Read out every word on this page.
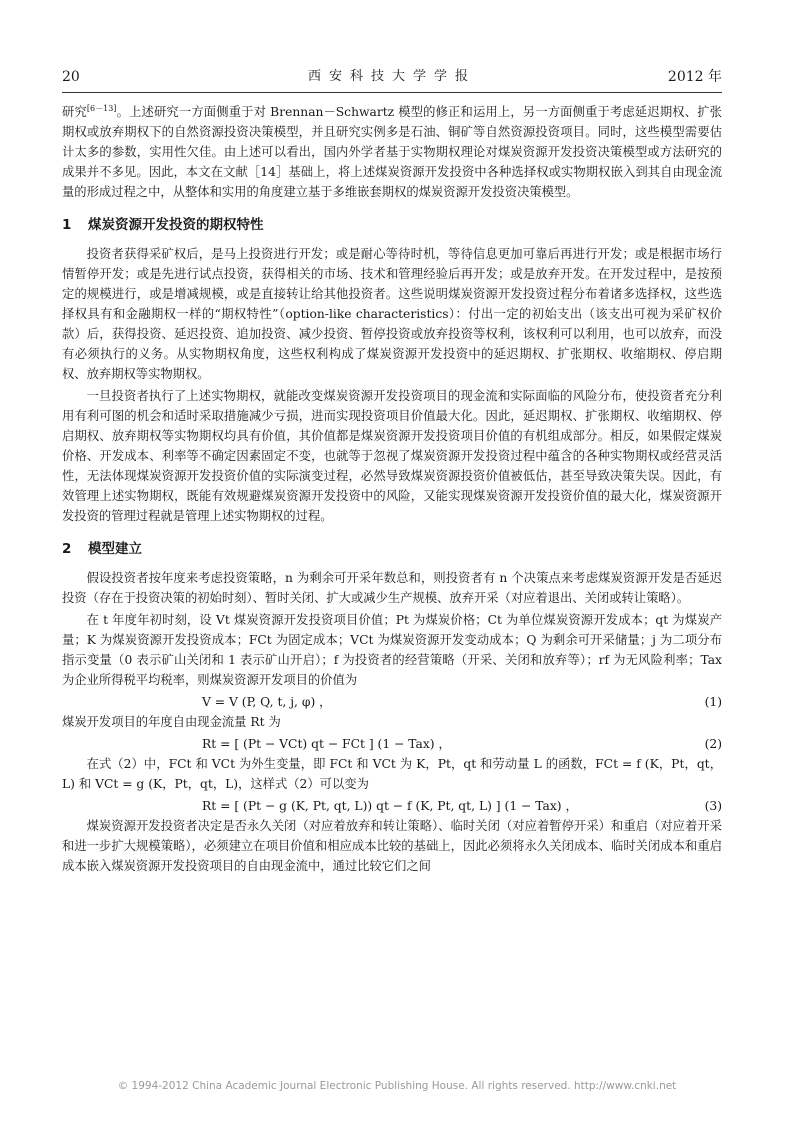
西安科技大学学报
20	2012 年

研究[6－13]。上述研究一方面侧重于对 Brennan－Schwartz 模型的修正和运用上，另一方面侧重于考虑延迟期权、扩张期权或放弃期权下的自然资源投资决策模型，并且研究实例多是石油、铜矿等自然资源投资项目。同时，这些模型需要估计太多的参数，实用性欠佳。由上述可以看出，国内外学者基于实物期权理论对煤炭资源开发投资决策模型或方法研究的成果并不多见。因此，本文在文献［14］基础上，将上述煤炭资源开发投资中各种选择权或实物期权嵌入到其自由现金流量的形成过程之中，从整体和实用的角度建立基于多维嵌套期权的煤炭资源开发投资决策模型。

1 煤炭资源开发投资的期权特性

投资者获得采矿权后，是马上投资进行开发；或是耐心等待时机，等待信息更加可靠后再进行开发；或是根据市场行情暂停开发；或是先进行试点投资，获得相关的市场、技术和管理经验后再开发；或是放弃开发。在开发过程中，是按预定的规模进行，或是增减规模，或是直接转让给其他投资者。这些说明煤炭资源开发投资过程分布着诸多选择权，这些选择权具有和金融期权一样的“期权特性”（option-like characteristics）：付出一定的初始支出（该支出可视为采矿权价款）后，获得投资、延迟投资、追加投资、减少投资、暂停投资或放弃投资等权利，该权利可以利用，也可以放弃，而没有必须执行的义务。从实物期权角度，这些权利构成了煤炭资源开发投资中的延迟期权、扩张期权、收缩期权、停启期权、放弃期权等实物期权。

一旦投资者执行了上述实物期权，就能改变煤炭资源开发投资项目的现金流和实际面临的风险分布，使投资者充分利用有利可图的机会和适时采取措施减少亏损，进而实现投资项目价值最大化。因此，延迟期权、扩张期权、收缩期权、停启期权、放弃期权等实物期权均具有价值，其价值都是煤炭资源开发投资项目价值的有机组成部分。相反，如果假定煤炭价格、开发成本、利率等不确定因素固定不变，也就等于忽视了煤炭资源开发投资过程中蕴含的各种实物期权或经营灵活性，无法体现煤炭资源开发投资价值的实际演变过程，必然导致煤炭资源投资价值被低估，甚至导致决策失误。因此，有效管理上述实物期权，既能有效规避煤炭资源开发投资中的风险，又能实现煤炭资源开发投资价值的最大化，煤炭资源开发投资的管理过程就是管理上述实物期权的过程。

2 模型建立

假设投资者按年度来考虑投资策略，n 为剩余可开采年数总和，则投资者有 n 个决策点来考虑煤炭资源开发是否延迟投资（存在于投资决策的初始时刻）、暂时关闭、扩大或减少生产规模、放弃开采（对应着退出、关闭或转让策略）。

在 t 年度年初时刻，设 Vt 煤炭资源开发投资项目价值；Pt 为煤炭价格；Ct 为单位煤炭资源开发成本；qt 为煤炭产量；K 为煤炭资源开发投资成本；FCt 为固定成本；VCt 为煤炭资源开发变动成本；Q 为剩余可开采储量；j 为二项分布指示变量（0 表示矿山关闭和 1 表示矿山开启）；f 为投资者的经营策略（开采、关闭和放弃等）；rf 为无风险利率；Tax 为企业所得税平均税率，则煤炭资源开发项目的价值为

V = V (P, Q, t, j, φ) ，	(1)

煤炭开发项目的年度自由现金流量 Rt 为

Rt = [ (Pt − VCt) qt − FCt ] (1 − Tax) ，	(2)

在式（2）中，FCt 和 VCt 为外生变量，即 FCt 和 VCt 为 K，Pt，qt 和劳动量 L 的函数，FCt = f (K，Pt，qt，L) 和 VCt = g (K，Pt，qt，L)，这样式（2）可以变为

Rt = [ (Pt − g (K, Pt, qt, L)) qt − f (K, Pt, qt, L) ] (1 − Tax) ，	(3)

煤炭资源开发投资者决定是否永久关闭（对应着放弃和转让策略）、临时关闭（对应着暂停开采）和重启（对应着开采和进一步扩大规模策略），必须建立在项目价值和相应成本比较的基础上，因此必须将永久关闭成本、临时关闭成本和重启成本嵌入煤炭资源开发投资项目的自由现金流中，通过比较它们之间

© 1994-2012 China Academic Journal Electronic Publishing House. All rights reserved. http://www.cnki.net
